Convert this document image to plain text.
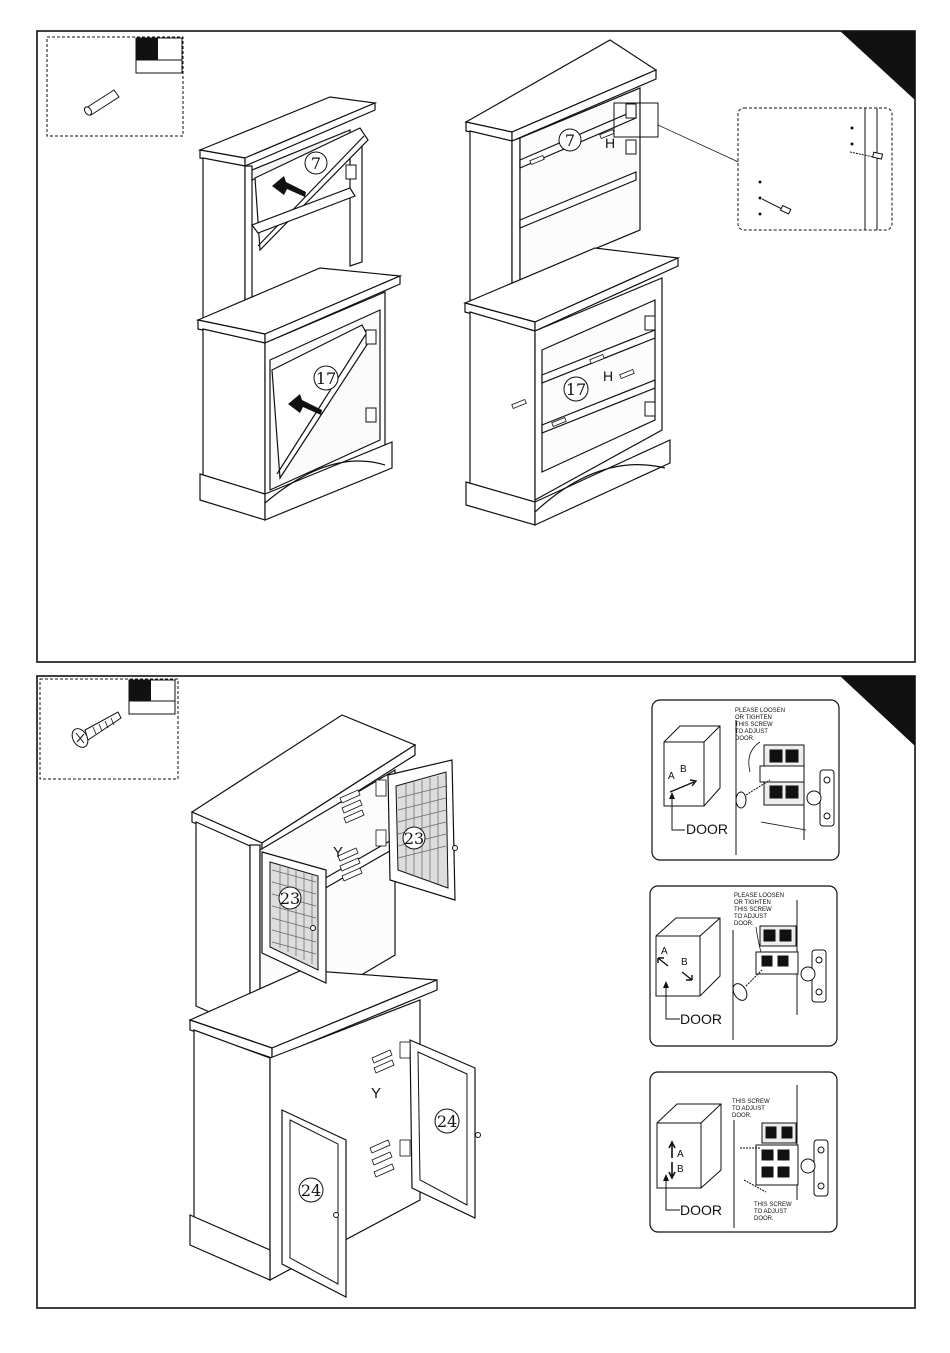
7
17
7 H
17
H
23
23
24
24
Y
Y
A
B
DOOR
PLEASE LOOSEN
OR TIGHTEN
THIS SCREW
TO ADJUST
DOOR.
A
B
DOOR
PLEASE LOOSEN
OR TIGHTEN
THIS SCREW
TO ADJUST
DOOR.
A
B
DOOR
THIS SCREW
TO ADJUST
DOOR.
THIS SCREW
TO ADJUST
DOOR.
